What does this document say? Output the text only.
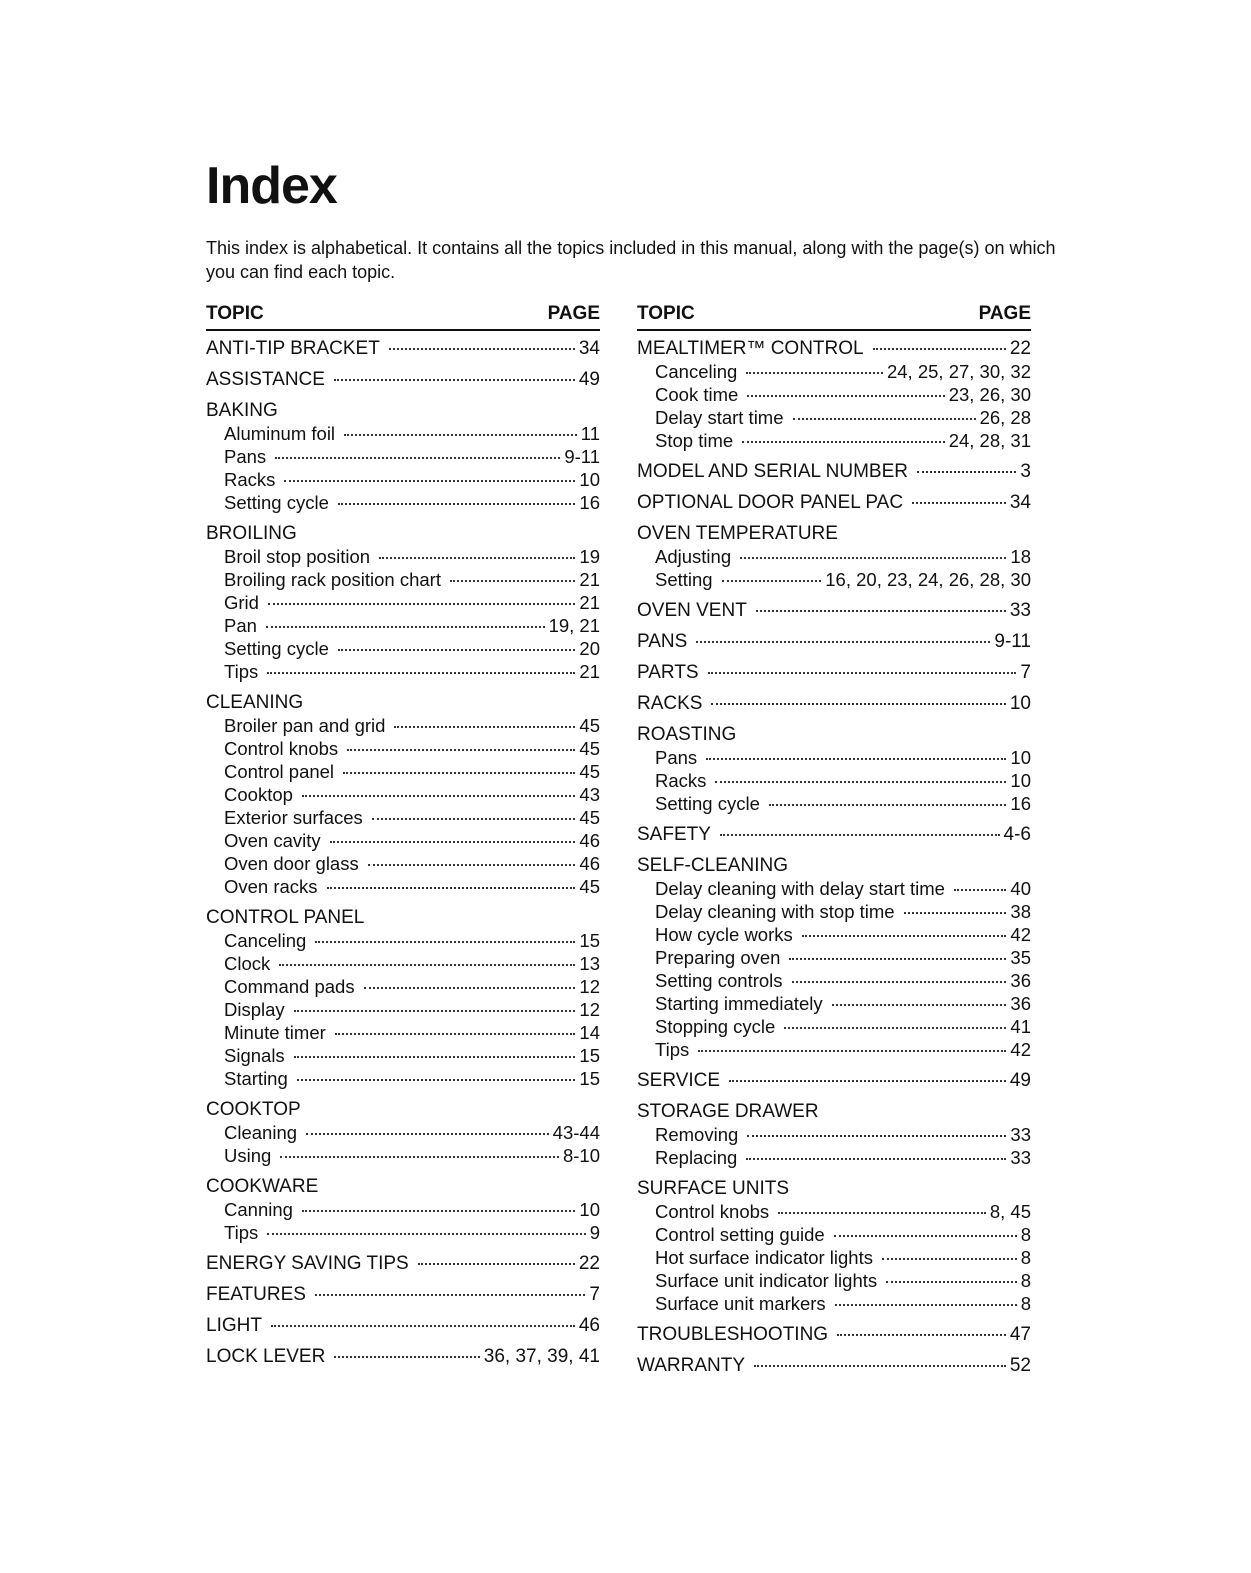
Index

This index is alphabetical. It contains all the topics included in this manual, along with the page(s) on which you can find each topic.

TOPIC	PAGE
ANTI-TIP BRACKET	34
ASSISTANCE	49
BAKING
Aluminum foil	11
Pans	9-11
Racks	10
Setting cycle	16
BROILING
Broil stop position	19
Broiling rack position chart	21
Grid	21
Pan	19, 21
Setting cycle	20
Tips	21
CLEANING
Broiler pan and grid	45
Control knobs	45
Control panel	45
Cooktop	43
Exterior surfaces	45
Oven cavity	46
Oven door glass	46
Oven racks	45
CONTROL PANEL
Canceling	15
Clock	13
Command pads	12
Display	12
Minute timer	14
Signals	15
Starting	15
COOKTOP
Cleaning	43-44
Using	8-10
COOKWARE
Canning	10
Tips	9
ENERGY SAVING TIPS	22
FEATURES	7
LIGHT	46
LOCK LEVER	36, 37, 39, 41
TOPIC	PAGE
MEALTIMER™ CONTROL	22
Canceling	24, 25, 27, 30, 32
Cook time	23, 26, 30
Delay start time	26, 28
Stop time	24, 28, 31
MODEL AND SERIAL NUMBER	3
OPTIONAL DOOR PANEL PAC	34
OVEN TEMPERATURE
Adjusting	18
Setting	16, 20, 23, 24, 26, 28, 30
OVEN VENT	33
PANS	9-11
PARTS	7
RACKS	10
ROASTING
Pans	10
Racks	10
Setting cycle	16
SAFETY	4-6
SELF-CLEANING
Delay cleaning with delay start time	40
Delay cleaning with stop time	38
How cycle works	42
Preparing oven	35
Setting controls	36
Starting immediately	36
Stopping cycle	41
Tips	42
SERVICE	49
STORAGE DRAWER
Removing	33
Replacing	33
SURFACE UNITS
Control knobs	8, 45
Control setting guide	8
Hot surface indicator lights	8
Surface unit indicator lights	8
Surface unit markers	8
TROUBLESHOOTING	47
WARRANTY	52
